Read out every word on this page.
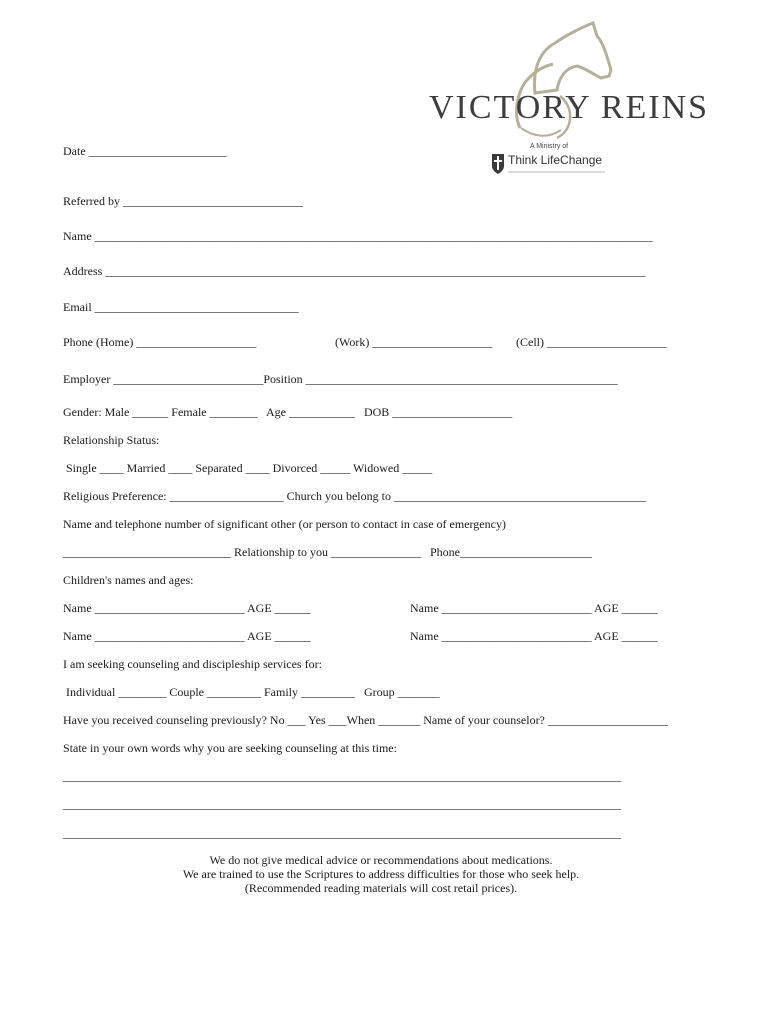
VICTORY REINS
A Ministry of
Think LifeChange
Date _______________________
Referred by ______________________________
Name _____________________________________________________________________________________________
Address __________________________________________________________________________________________
Email __________________________________
Phone (Home) ____________________	(Work) ____________________ (Cell) ____________________
Employer _________________________Position ____________________________________________________
Gender: Male ______ Female ________   Age ___________   DOB ____________________
Relationship Status:
Single ____ Married ____ Separated ____ Divorced _____ Widowed _____
Religious Preference: ___________________ Church you belong to __________________________________________
Name and telephone number of significant other (or person to contact in case of emergency)
____________________________ Relationship to you _______________   Phone______________________
Children's names and ages:
Name _________________________ AGE ______	Name _________________________ AGE ______
Name _________________________ AGE ______	Name _________________________ AGE ______
I am seeking counseling and discipleship services for:
Individual ________ Couple _________ Family _________   Group _______
Have you received counseling previously? No ___ Yes ___When _______ Name of your counselor? ____________________
State in your own words why you are seeking counseling at this time:
_____________________________________________________________________________________________
_____________________________________________________________________________________________
_____________________________________________________________________________________________
We do not give medical advice or recommendations about medications.
We are trained to use the Scriptures to address difficulties for those who seek help.
(Recommended reading materials will cost retail prices).
